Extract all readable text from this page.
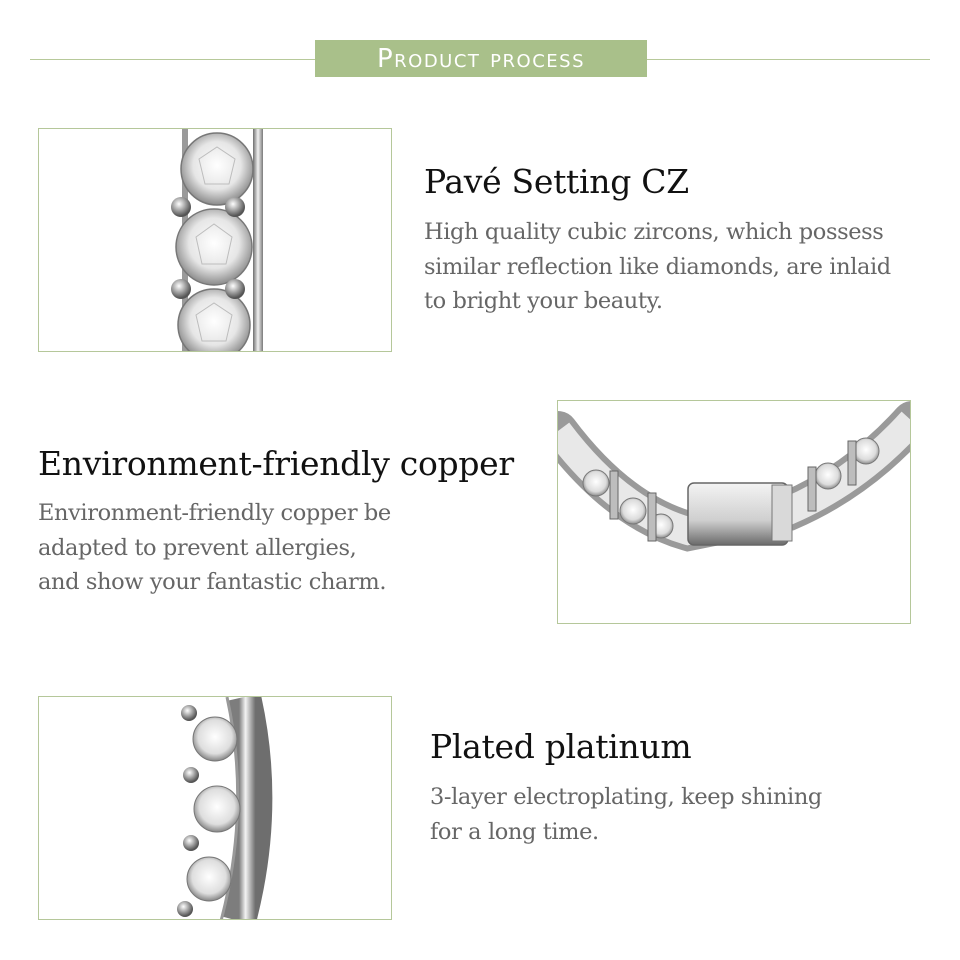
Product process
Pavé Setting CZ
High quality cubic zircons, which possess
similar reflection like diamonds, are inlaid
to bright your beauty.
Environment-friendly copper
Environment-friendly copper be
adapted to prevent allergies,
and show your fantastic charm.
Plated platinum
3-layer electroplating, keep shining
for a long time.
